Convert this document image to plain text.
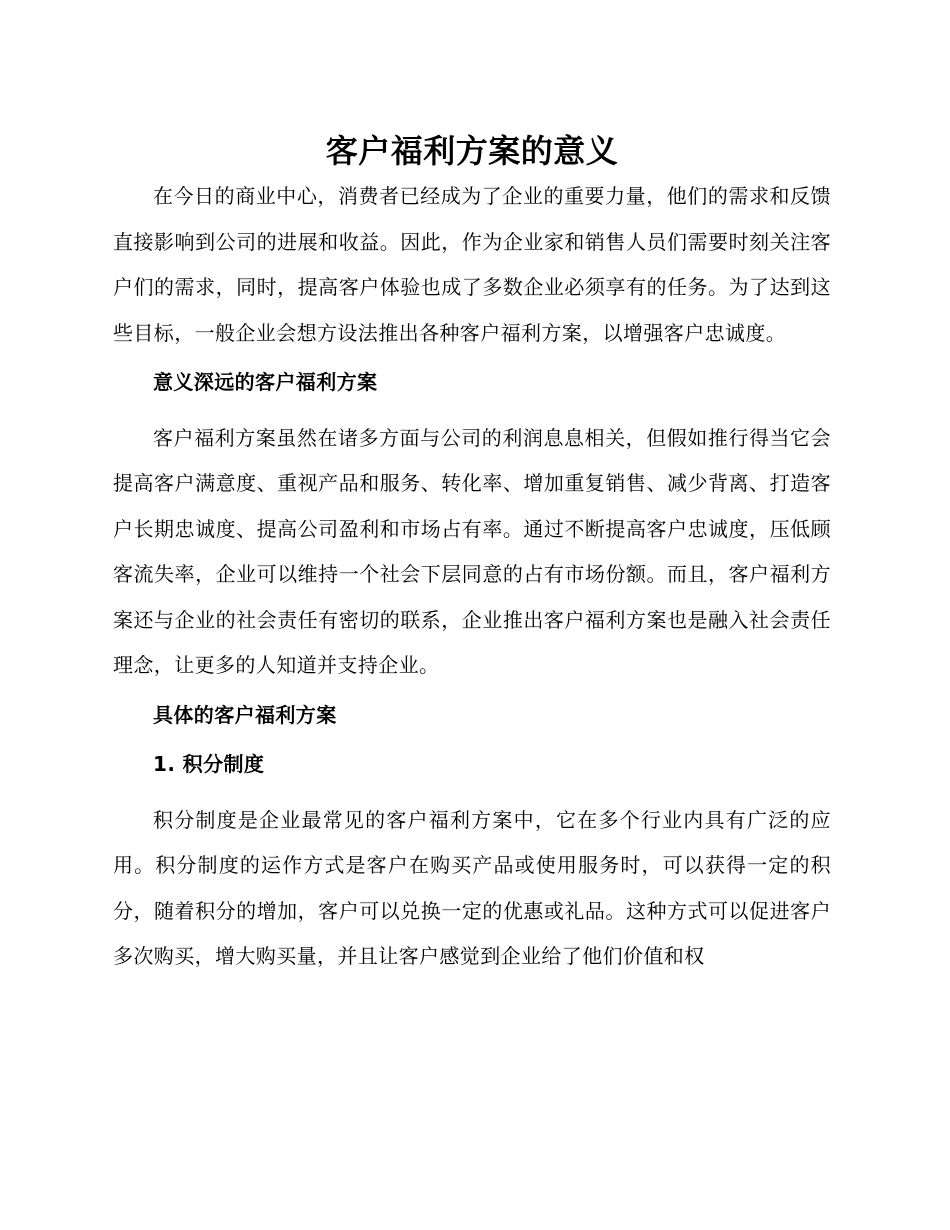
客户福利方案的意义

在今日的商业中心，消费者已经成为了企业的重要力量，他们的需求和反馈直接影响到公司的进展和收益。因此，作为企业家和销售人员们需要时刻关注客户们的需求，同时，提高客户体验也成了多数企业必须享有的任务。为了达到这些目标，一般企业会想方设法推出各种客户福利方案，以增强客户忠诚度。

意义深远的客户福利方案

客户福利方案虽然在诸多方面与公司的利润息息相关，但假如推行得当它会提高客户满意度、重视产品和服务、转化率、增加重复销售、减少背离、打造客户长期忠诚度、提高公司盈利和市场占有率。通过不断提高客户忠诚度，压低顾客流失率，企业可以维持一个社会下层同意的占有市场份额。而且，客户福利方案还与企业的社会责任有密切的联系，企业推出客户福利方案也是融入社会责任理念，让更多的人知道并支持企业。

具体的客户福利方案
1. 积分制度

积分制度是企业最常见的客户福利方案中，它在多个行业内具有广泛的应用。积分制度的运作方式是客户在购买产品或使用服务时，可以获得一定的积分，随着积分的增加，客户可以兑换一定的优惠或礼品。这种方式可以促进客户多次购买，增大购买量，并且让客户感觉到企业给了他们价值和权
